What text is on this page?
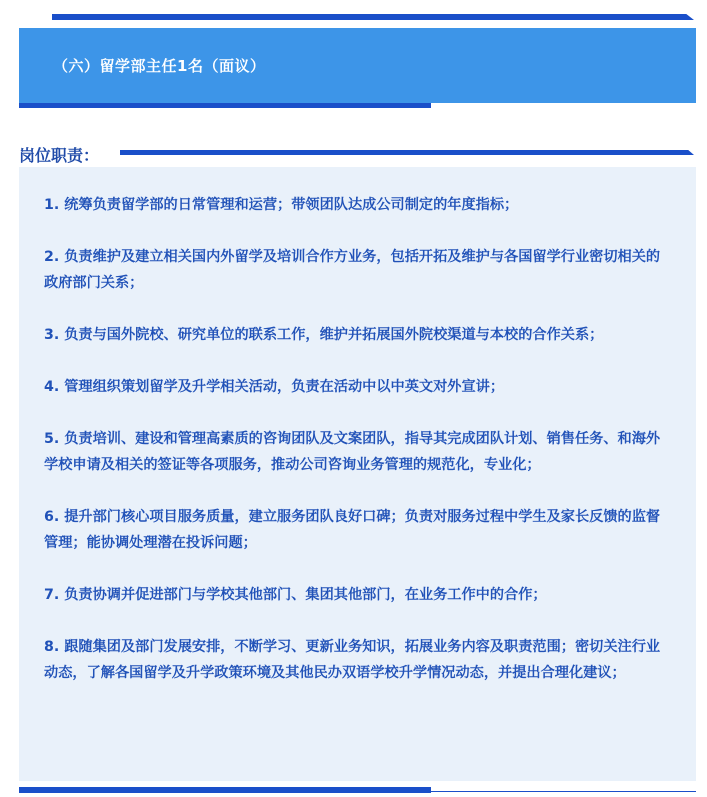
（六）留学部主任1名（面议）
岗位职责：
1. 统筹负责留学部的日常管理和运营；带领团队达成公司制定的年度指标；
2. 负责维护及建立相关国内外留学及培训合作方业务，包括开拓及维护与各国留学行业密切相关的政府部门关系；
3. 负责与国外院校、研究单位的联系工作，维护并拓展国外院校渠道与本校的合作关系；
4. 管理组织策划留学及升学相关活动，负责在活动中以中英文对外宣讲；
5. 负责培训、建设和管理高素质的咨询团队及文案团队，指导其完成团队计划、销售任务、和海外学校申请及相关的签证等各项服务，推动公司咨询业务管理的规范化，专业化；
6. 提升部门核心项目服务质量，建立服务团队良好口碑；负责对服务过程中学生及家长反馈的监督管理；能协调处理潜在投诉问题；
7. 负责协调并促进部门与学校其他部门、集团其他部门，在业务工作中的合作；
8. 跟随集团及部门发展安排，不断学习、更新业务知识，拓展业务内容及职责范围；密切关注行业动态，了解各国留学及升学政策环境及其他民办双语学校升学情况动态，并提出合理化建议；
